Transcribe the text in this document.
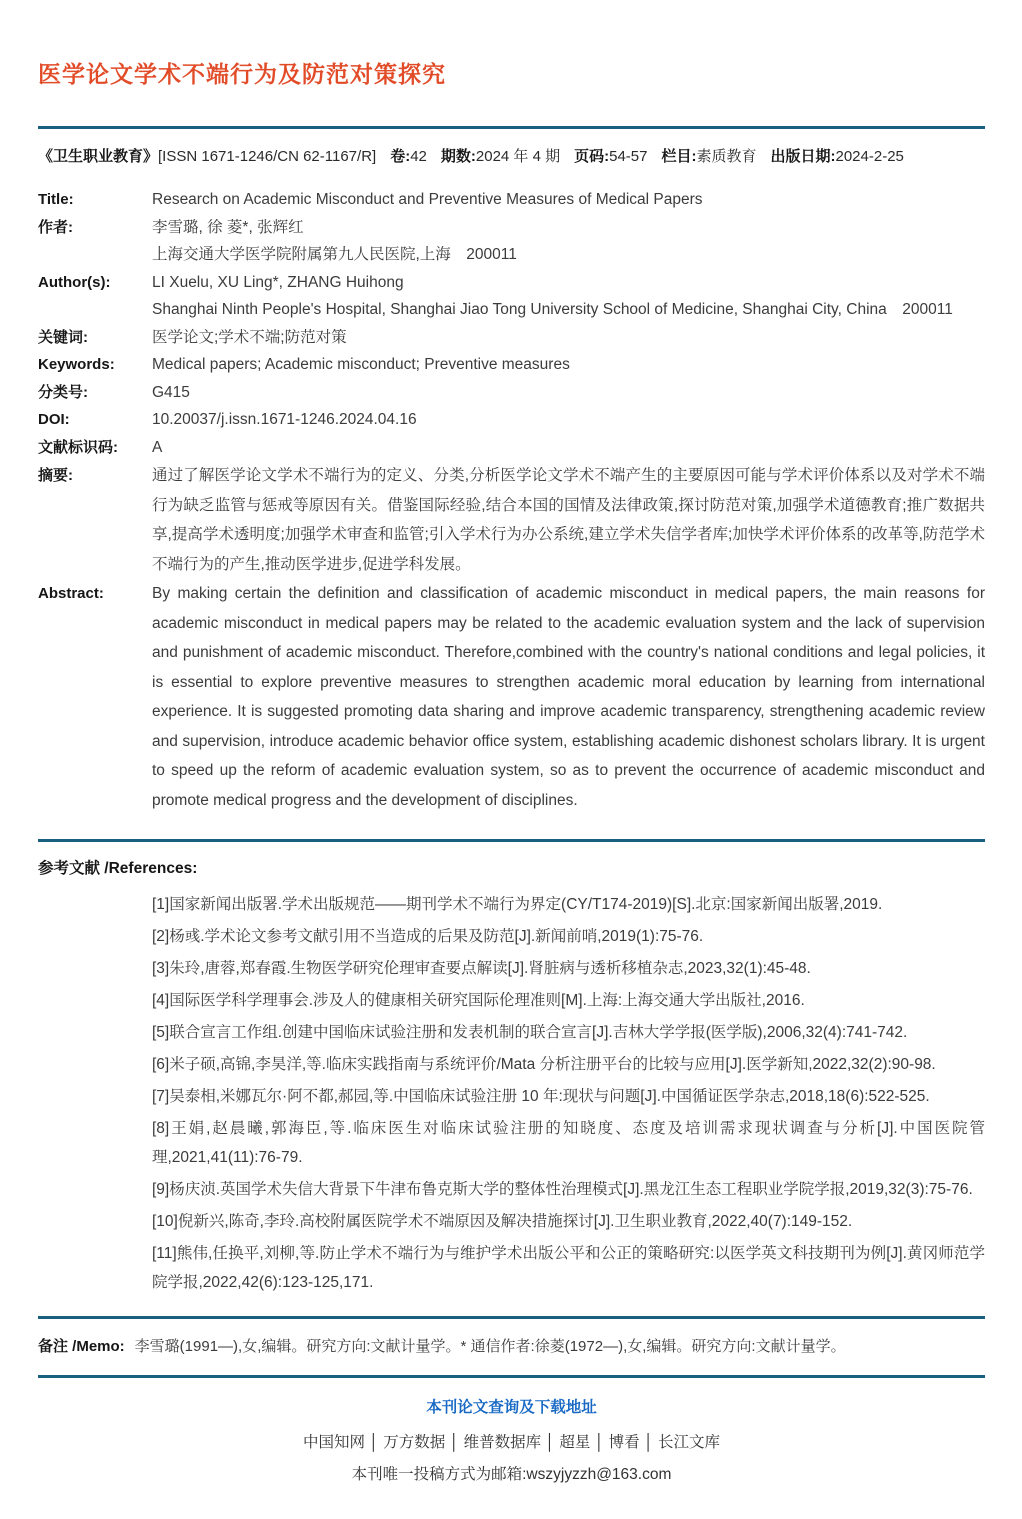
医学论文学术不端行为及防范对策探究
《卫生职业教育》[ISSN 1671-1246/CN 62-1167/R] 卷:42 期数:2024 年 4 期 页码:54-57 栏目:素质教育 出版日期:2024-2-25
Title:	Research on Academic Misconduct and Preventive Measures of Medical Papers
作者:	李雪璐, 徐 菱*, 张辉红
上海交通大学医学院附属第九人民医院,上海　200011
Author(s):	LI Xuelu, XU Ling*, ZHANG Huihong
Shanghai Ninth People's Hospital, Shanghai Jiao Tong University School of Medicine, Shanghai City, China　200011
关键词:	医学论文;学术不端;防范对策
Keywords:	Medical papers; Academic misconduct; Preventive measures
分类号:	G415
DOI:	10.20037/j.issn.1671-1246.2024.04.16
文献标识码:	A
摘要:	通过了解医学论文学术不端行为的定义、分类,分析医学论文学术不端产生的主要原因可能与学术评价体系以及对学术不端行为缺乏监管与惩戒等原因有关。借鉴国际经验,结合本国的国情及法律政策,探讨防范对策,加强学术道德教育;推广数据共享,提高学术透明度;加强学术审查和监管;引入学术行为办公系统,建立学术失信学者库;加快学术评价体系的改革等,防范学术不端行为的产生,推动医学进步,促进学科发展。
Abstract:	By making certain the definition and classification of academic misconduct in medical papers, the main reasons for academic misconduct in medical papers may be related to the academic evaluation system and the lack of supervision and punishment of academic misconduct. Therefore,combined with the country's national conditions and legal policies, it is essential to explore preventive measures to strengthen academic moral education by learning from international experience. It is suggested promoting data sharing and improve academic transparency, strengthening academic review and supervision, introduce academic behavior office system, establishing academic dishonest scholars library. It is urgent to speed up the reform of academic evaluation system, so as to prevent the occurrence of academic misconduct and promote medical progress and the development of disciplines.
参考文献 /References:
[1]国家新闻出版署.学术出版规范——期刊学术不端行为界定(CY/T174-2019)[S].北京:国家新闻出版署,2019.
[2]杨彧.学术论文参考文献引用不当造成的后果及防范[J].新闻前哨,2019(1):75-76.
[3]朱玲,唐蓉,郑春霞.生物医学研究伦理审查要点解读[J].肾脏病与透析移植杂志,2023,32(1):45-48.
[4]国际医学科学理事会.涉及人的健康相关研究国际伦理准则[M].上海:上海交通大学出版社,2016.
[5]联合宣言工作组.创建中国临床试验注册和发表机制的联合宣言[J].吉林大学学报(医学版),2006,32(4):741-742.
[6]米子硕,高锦,李昊洋,等.临床实践指南与系统评价/Mata 分析注册平台的比较与应用[J].医学新知,2022,32(2):90-98.
[7]吴泰相,米娜瓦尔·阿不都,郝园,等.中国临床试验注册 10 年:现状与问题[J].中国循证医学杂志,2018,18(6):522-525.
[8]王娟,赵晨曦,郭海臣,等.临床医生对临床试验注册的知晓度、态度及培训需求现状调查与分析[J].中国医院管理,2021,41(11):76-79.
[9]杨庆浈.英国学术失信大背景下牛津布鲁克斯大学的整体性治理模式[J].黑龙江生态工程职业学院学报,2019,32(3):75-76.
[10]倪新兴,陈奇,李玲.高校附属医院学术不端原因及解决措施探讨[J].卫生职业教育,2022,40(7):149-152.
[11]熊伟,任换平,刘柳,等.防止学术不端行为与维护学术出版公平和公正的策略研究:以医学英文科技期刊为例[J].黄冈师范学院学报,2022,42(6):123-125,171.
备注 /Memo: 李雪璐(1991—),女,编辑。研究方向:文献计量学。* 通信作者:徐菱(1972—),女,编辑。研究方向:文献计量学。
本刊论文查询及下载地址
中国知网 │ 万方数据 │ 维普数据库 │ 超星 │ 博看 │ 长江文库
本刊唯一投稿方式为邮箱:wszyjyzzh@163.com
